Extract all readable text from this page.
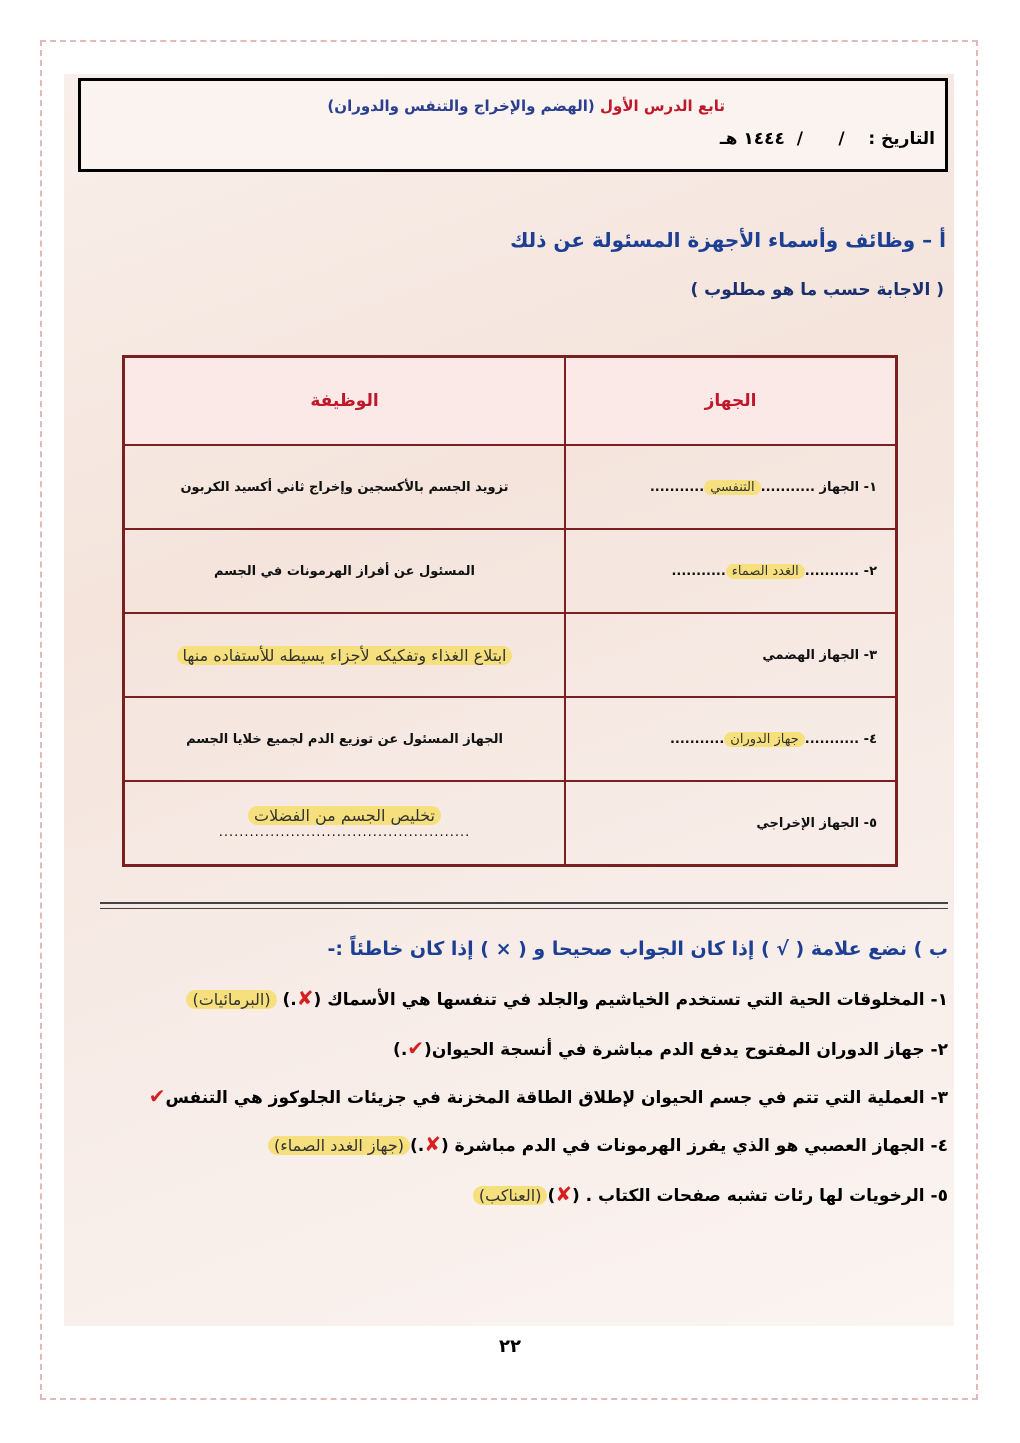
تابع الدرس الأول (الهضم والإخراج والتنفس والدوران)
التاريخ :    /      /  ١٤٤٤ هـ
أ – وظائف وأسماء الأجهزة المسئولة عن ذلك
( الاجابة حسب ما هو مطلوب )
الجهاز	الوظيفة
١- الجهاز ...........التنفسي...........	تزويد الجسم بالأكسجين وإخراج ثاني أكسيد الكربون
٢- ...........الغدد الصماء...........	المسئول عن أفراز الهرمونات في الجسم
٣- الجهاز الهضمي	ابتلاع الغذاء وتفكيكه لأجزاء يسيطه للأستفاده منها
٤- ...........جهاز الدوران...........	الجهاز المسئول عن توزيع الدم لجميع خلايا الجسم
٥- الجهاز الإخراجي	تخليص الجسم من الفضلات
.................................................
ب ) نضع علامة ( √ ) إذا كان الجواب صحيحا و ( × ) إذا كان خاطئاً :-
١- المخلوقات الحية التي تستخدم الخياشيم والجلد في تنفسها هي الأسماك (✘.) (البرمائيات)
٢- جهاز الدوران المفتوح يدفع الدم مباشرة في أنسجة الحيوان(✔.)
٣- العملية التي تتم في جسم الحيوان لإطلاق الطاقة المخزنة في جزيئات الجلوكوز هي التنفس✔
٤- الجهاز العصبي هو الذي يفرز الهرمونات في الدم مباشرة (✘.)(جهاز الغدد الصماء)
٥- الرخويات لها رئات تشبه صفحات الكتاب . (✘)(العناكب)
٢٢
